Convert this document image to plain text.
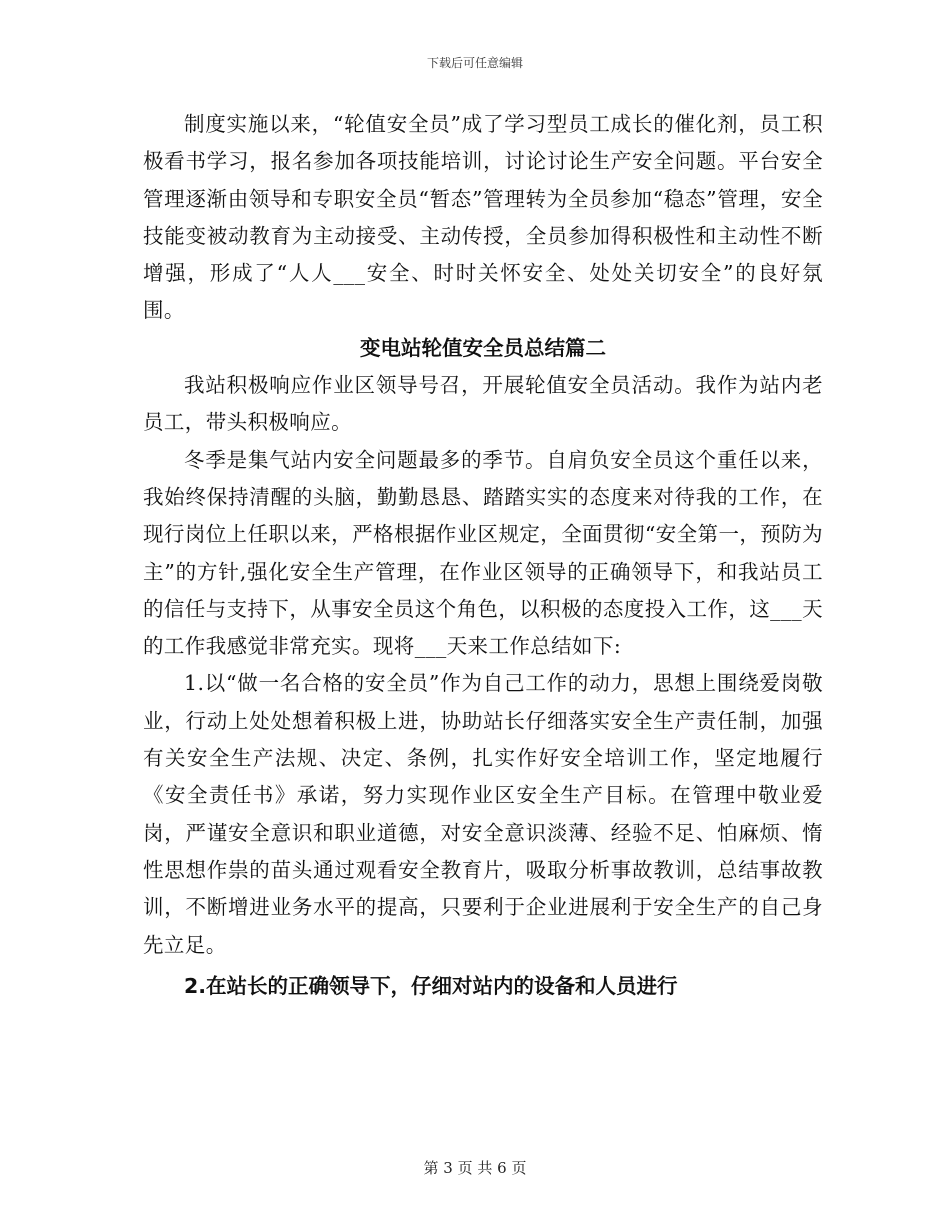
下载后可任意编辑

制度实施以来，“轮值安全员”成了学习型员工成长的催化剂，员工积极看书学习，报名参加各项技能培训，讨论讨论生产安全问题。平台安全管理逐渐由领导和专职安全员“暂态”管理转为全员参加“稳态”管理，安全技能变被动教育为主动接受、主动传授，全员参加得积极性和主动性不断增强，形成了“人人___安全、时时关怀安全、处处关切安全”的良好氛围。

变电站轮值安全员总结篇二

我站积极响应作业区领导号召，开展轮值安全员活动。我作为站内老员工，带头积极响应。

冬季是集气站内安全问题最多的季节。自肩负安全员这个重任以来，我始终保持清醒的头脑，勤勤恳恳、踏踏实实的态度来对待我的工作，在现行岗位上任职以来，严格根据作业区规定，全面贯彻“安全第一，预防为主”的方针,强化安全生产管理，在作业区领导的正确领导下，和我站员工的信任与支持下，从事安全员这个角色，以积极的态度投入工作，这___天的工作我感觉非常充实。现将___天来工作总结如下:

1.以“做一名合格的安全员”作为自己工作的动力，思想上围绕爱岗敬业，行动上处处想着积极上进，协助站长仔细落实安全生产责任制，加强有关安全生产法规、决定、条例，扎实作好安全培训工作，坚定地履行《安全责任书》承诺，努力实现作业区安全生产目标。在管理中敬业爱岗，严谨安全意识和职业道德，对安全意识淡薄、经验不足、怕麻烦、惰性思想作祟的苗头通过观看安全教育片，吸取分析事故教训，总结事故教训，不断增进业务水平的提高，只要利于企业进展利于安全生产的自己身先立足。

2.在站长的正确领导下，仔细对站内的设备和人员进行

第 3 页 共 6 页
